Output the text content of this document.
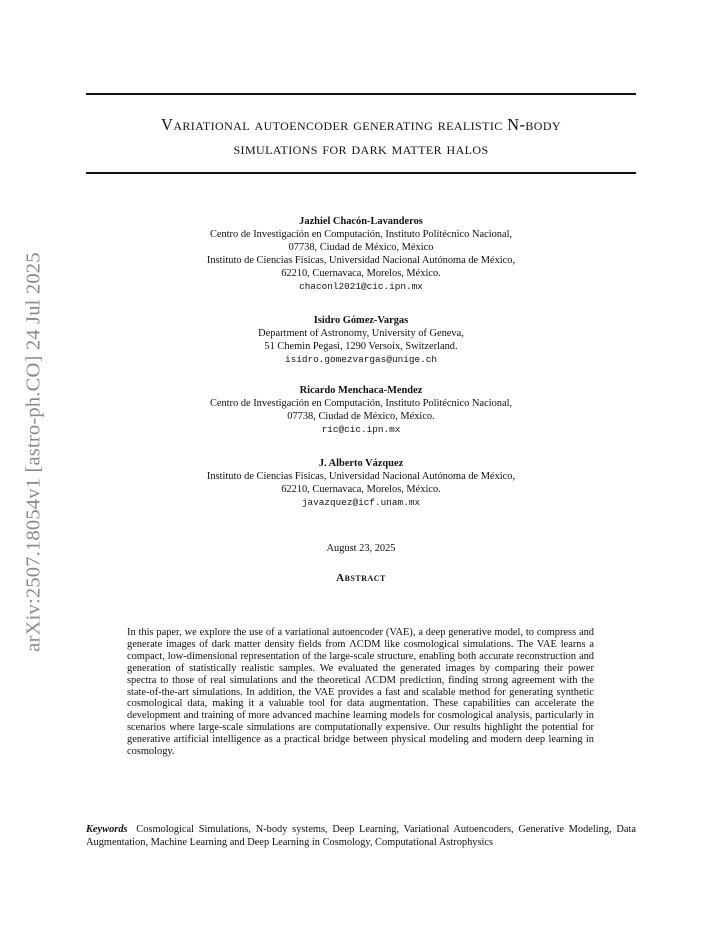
arXiv:2507.18054v1 [astro-ph.CO] 24 Jul 2025
Variational autoencoder generating realistic N-body
simulations for dark matter halos
Jazhiel Chacón-Lavanderos
Centro de Investigación en Computación, Instituto Politécnico Nacional,
07738, Ciudad de México, México
Instituto de Ciencias Físicas, Universidad Nacional Autónoma de México,
62210, Cuernavaca, Morelos, México.
chaconl2021@cic.ipn.mx
Isidro Gómez-Vargas
Department of Astronomy, University of Geneva,
51 Chemin Pegasi, 1290 Versoix, Switzerland.
isidro.gomezvargas@unige.ch
Ricardo Menchaca-Mendez
Centro de Investigación en Computación, Instituto Politécnico Nacional,
07738, Ciudad de México, México.
ric@cic.ipn.mx
J. Alberto Vázquez
Instituto de Ciencias Físicas, Universidad Nacional Autónoma de México,
62210, Cuernavaca, Morelos, México.
javazquez@icf.unam.mx
August 23, 2025
Abstract
In this paper, we explore the use of a variational autoencoder (VAE), a deep generative model, to compress and generate images of dark matter density fields from ΛCDM like cosmological simulations. The VAE learns a compact, low-dimensional representation of the large-scale structure, enabling both accurate reconstruction and generation of statistically realistic samples. We evaluated the generated images by comparing their power spectra to those of real simulations and the theoretical ΛCDM prediction, finding strong agreement with the state-of-the-art simulations. In addition, the VAE provides a fast and scalable method for generating synthetic cosmological data, making it a valuable tool for data augmentation. These capabilities can accelerate the development and training of more advanced machine learning models for cosmological analysis, particularly in scenarios where large-scale simulations are computationally expensive. Our results highlight the potential for generative artificial intelligence as a practical bridge between physical modeling and modern deep learning in cosmology.
Keywords Cosmological Simulations, N-body systems, Deep Learning, Variational Autoencoders, Generative Modeling, Data Augmentation, Machine Learning and Deep Learning in Cosmology, Computational Astrophysics
